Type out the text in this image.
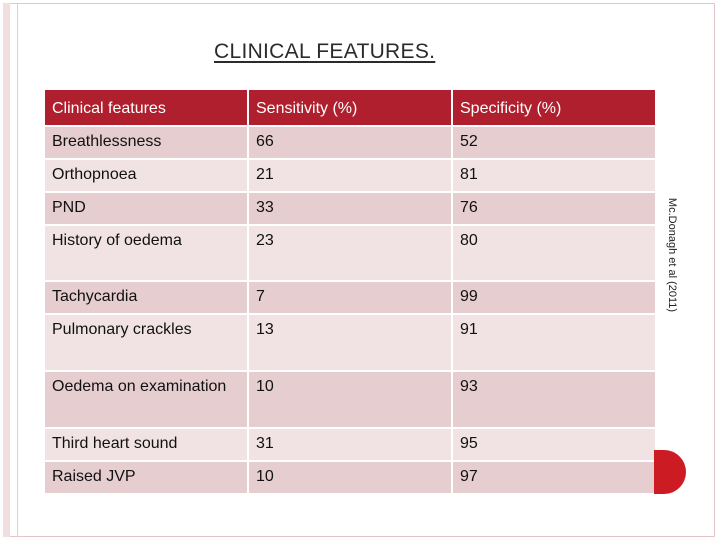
CLINICAL FEATURES.
Clinical features	Sensitivity (%)	Specificity (%)
Breathlessness	66	52
Orthopnoea	21	81
PND	33	76
History of oedema	23	80
Tachycardia	7	99
Pulmonary crackles	13	91
Oedema on examination	10	93
Third heart sound	31	95
Raised JVP	10	97
Mc.Donagh et al (2011)
